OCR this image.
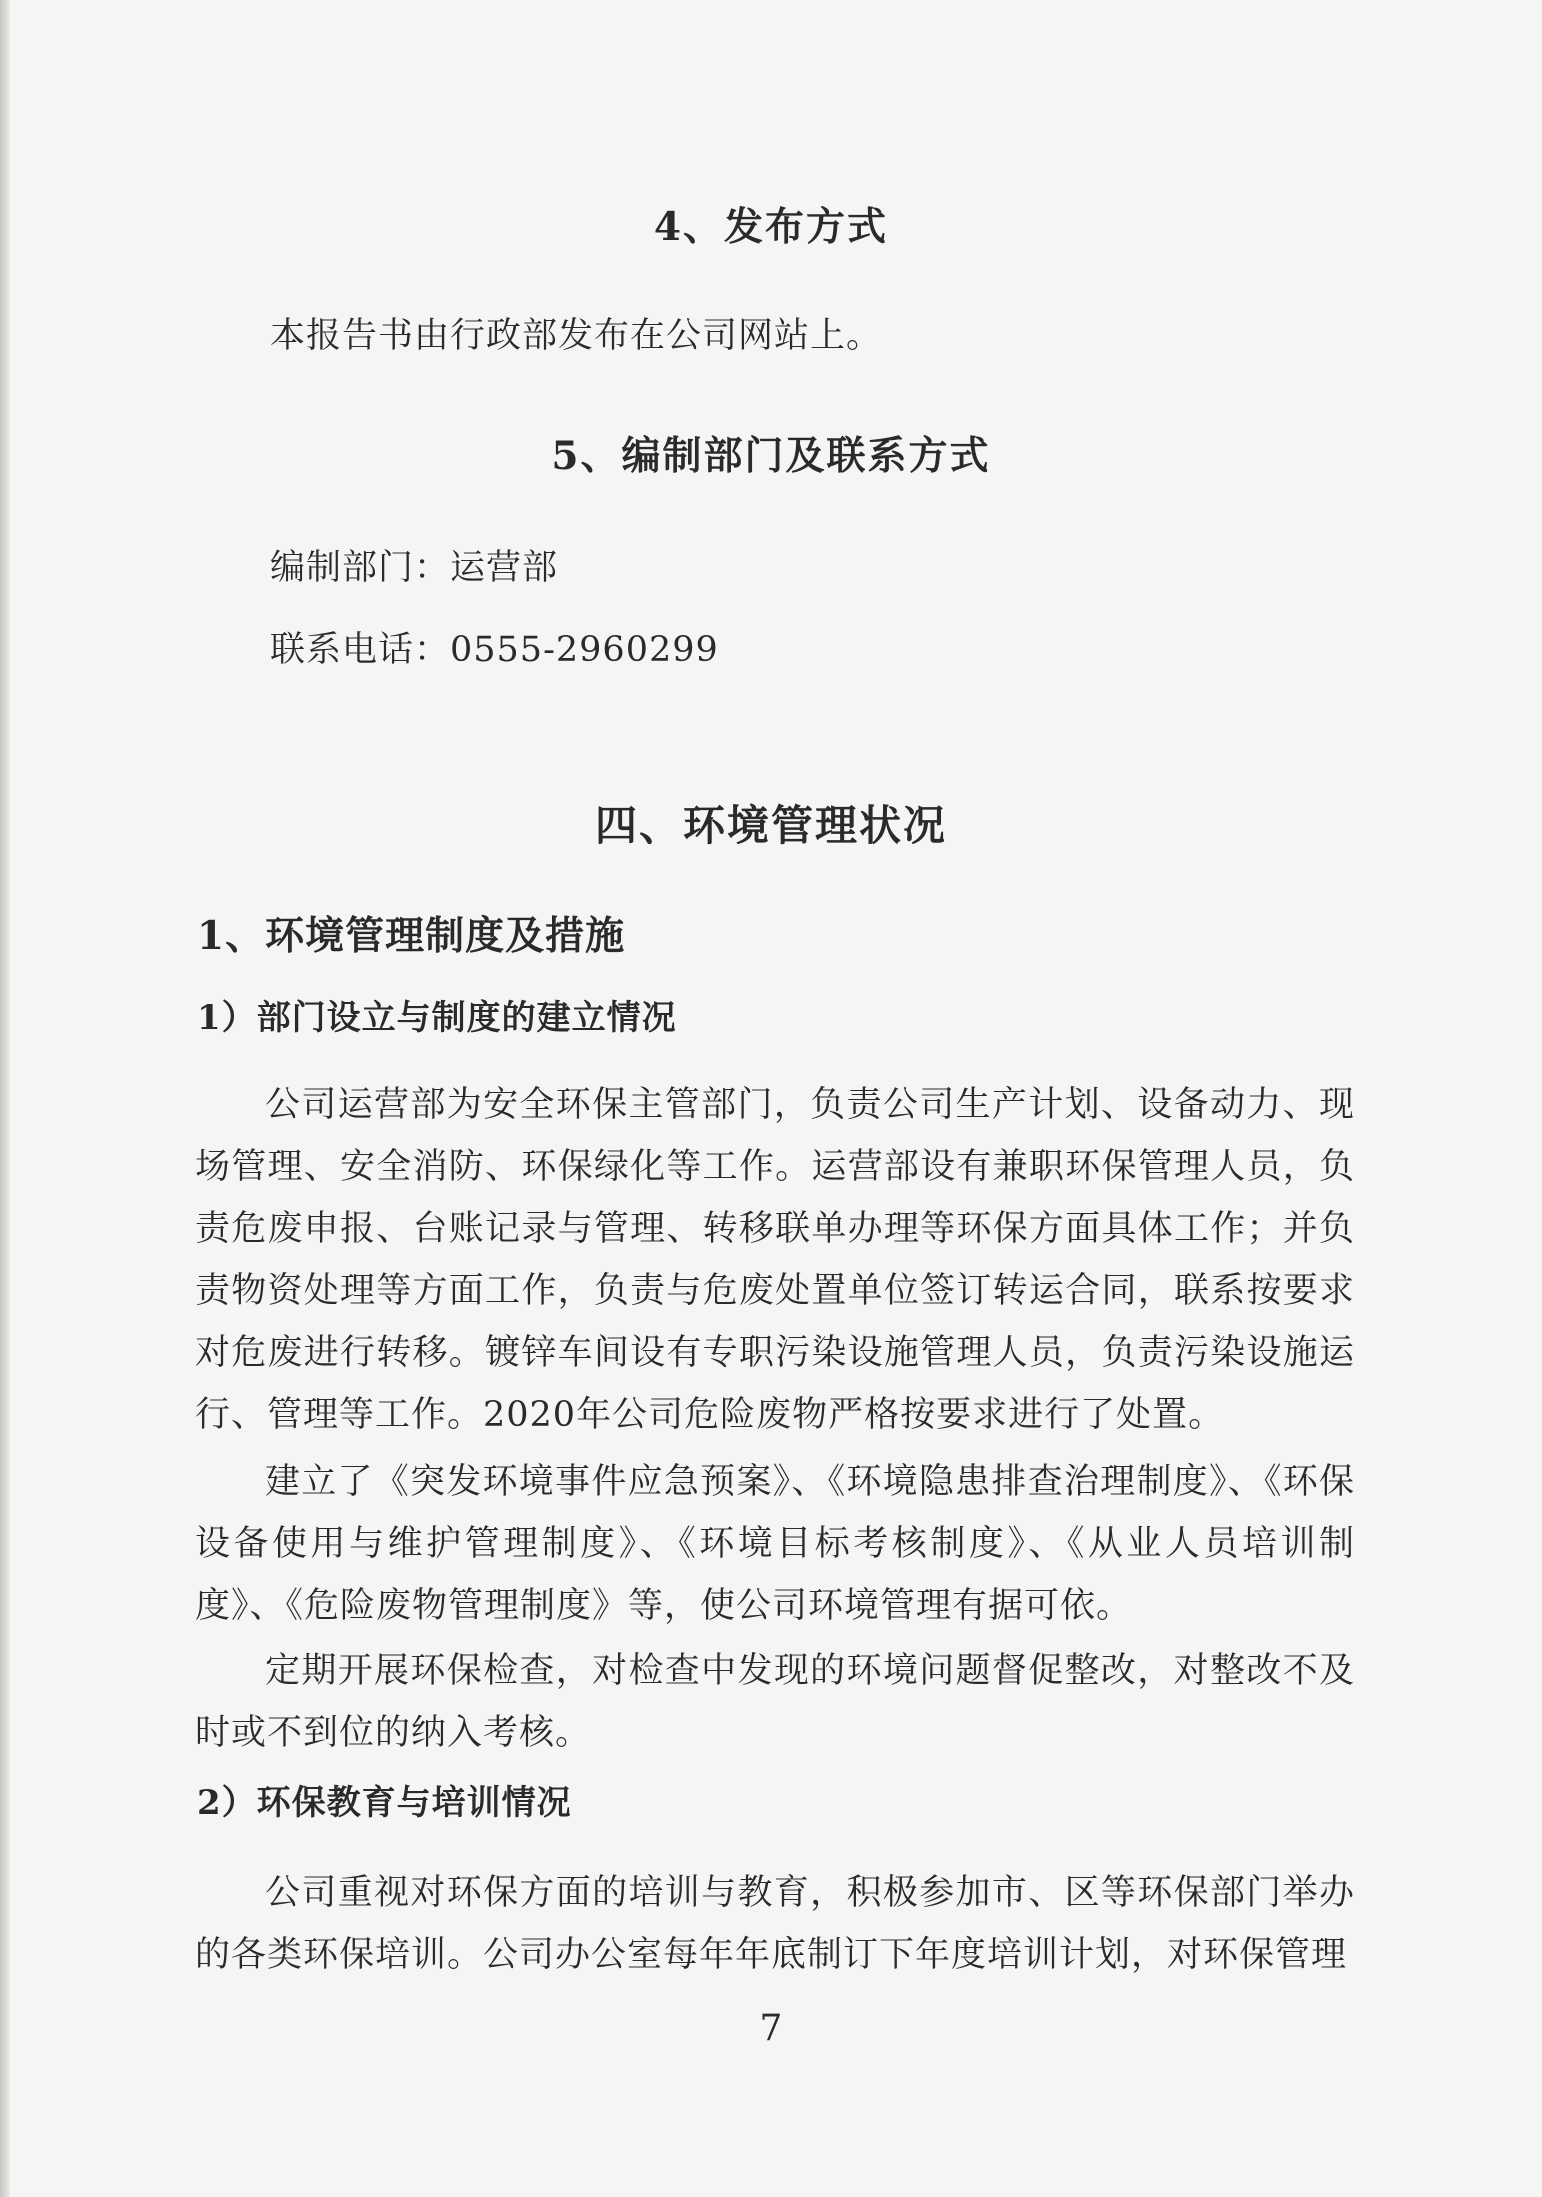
4、发布方式
本报告书由行政部发布在公司网站上。
5、编制部门及联系方式
编制部门：运营部
联系电话：0555-2960299
四、环境管理状况
1、环境管理制度及措施
1）部门设立与制度的建立情况

公司运营部为安全环保主管部门，负责公司生产计划、设备动力、现场管理、安全消防、环保绿化等工作。运营部设有兼职环保管理人员，负责危废申报、台账记录与管理、转移联单办理等环保方面具体工作；并负责物资处理等方面工作，负责与危废处置单位签订转运合同，联系按要求对危废进行转移。镀锌车间设有专职污染设施管理人员，负责污染设施运行、管理等工作。2020年公司危险废物严格按要求进行了处置。

建立了《突发环境事件应急预案》、《环境隐患排查治理制度》、《环保设备使用与维护管理制度》、《环境目标考核制度》、《从业人员培训制度》、《危险废物管理制度》等，使公司环境管理有据可依。

定期开展环保检查，对检查中发现的环境问题督促整改，对整改不及时或不到位的纳入考核。

2）环保教育与培训情况

公司重视对环保方面的培训与教育，积极参加市、区等环保部门举办的各类环保培训。公司办公室每年年底制订下年度培训计划，对环保管理

7
